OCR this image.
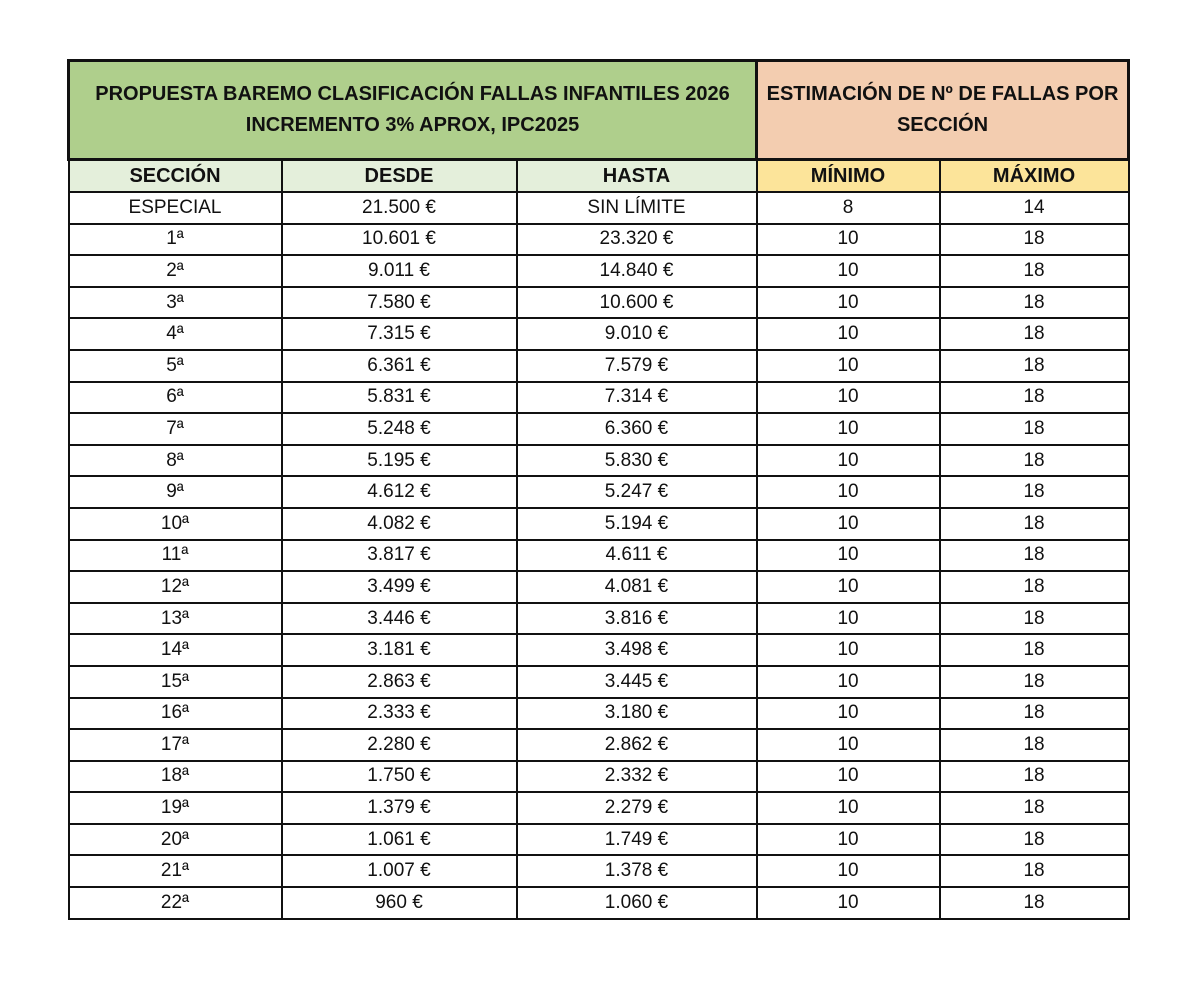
PROPUESTA BAREMO CLASIFICACIÓN FALLAS INFANTILES 2026
INCREMENTO 3% APROX, IPC2025			ESTIMACIÓN DE Nº DE FALLAS POR
SECCIÓN	

SECCIÓN	DESDE	HASTA	MÍNIMO	MÁXIMO
ESPECIAL	21.500 €	SIN LÍMITE	8	14
1ª	10.601 €	23.320 €	10	18
2ª	9.011 €	14.840 €	10	18
3ª	7.580 €	10.600 €	10	18
4ª	7.315 €	9.010 €	10	18
5ª	6.361 €	7.579 €	10	18
6ª	5.831 €	7.314 €	10	18
7ª	5.248 €	6.360 €	10	18
8ª	5.195 €	5.830 €	10	18
9ª	4.612 €	5.247 €	10	18
10ª	4.082 €	5.194 €	10	18
11ª	3.817 €	4.611 €	10	18
12ª	3.499 €	4.081 €	10	18
13ª	3.446 €	3.816 €	10	18
14ª	3.181 €	3.498 €	10	18
15ª	2.863 €	3.445 €	10	18
16ª	2.333 €	3.180 €	10	18
17ª	2.280 €	2.862 €	10	18
18ª	1.750 €	2.332 €	10	18
19ª	1.379 €	2.279 €	10	18
20ª	1.061 €	1.749 €	10	18
21ª	1.007 €	1.378 €	10	18
22ª	960 €	1.060 €	10	18
